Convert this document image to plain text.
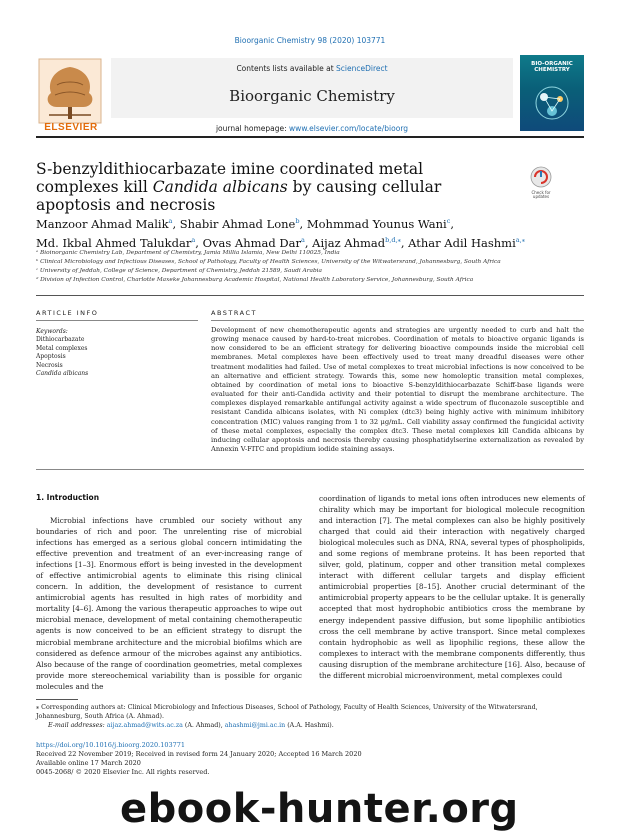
Bioorganic Chemistry 98 (2020) 103771
ELSEVIER
Contents lists available at ScienceDirect
Bioorganic Chemistry
journal homepage: www.elsevier.com/locate/bioorg
BIO-ORGANIC CHEMISTRY
S-benzyldithiocarbazate imine coordinated metal complexes kill Candida albicans by causing cellular apoptosis and necrosis
Check for
updates
Manzoor Ahmad Malik$^a$, Shabir Ahmad Lone$^b$, Mohmmad Younus Wani$^c$,
Md. Ikbal Ahmed Talukdar$^a$, Ovas Ahmad Dar$^a$, Aijaz Ahmad$^{b,d,⁎}$, Athar Adil Hashmi$^{a,⁎}$
ᵃ Bioinorganic Chemistry Lab, Department of Chemistry, Jamia Millia Islamia, New Delhi 110025, India
ᵇ Clinical Microbiology and Infectious Diseases, School of Pathology, Faculty of Health Sciences, University of the Witwatersrand, Johannesburg, South Africa
ᶜ University of Jeddah, College of Science, Department of Chemistry, Jeddah 21589, Saudi Arabia
ᵈ Division of Infection Control, Charlotte Maxeke Johannesburg Academic Hospital, National Health Laboratory Service, Johannesburg, South Africa
ARTICLE INFO
Keywords:
Dithiocarbazate
Metal complexes
Apoptosis
Necrosis
Candida albicans
ABSTRACT
Development of new chemotherapeutic agents and strategies are urgently needed to curb and halt the growing menace caused by hard-to-treat microbes. Coordination of metals to bioactive organic ligands is now considered to be an efficient strategy for delivering bioactive compounds inside the microbial cell membranes. Metal complexes have been effectively used to treat many dreadful diseases were other treatment modalities had failed. Use of metal complexes to treat microbial infections is now conceived to be an alternative and efficient strategy. Towards this, some new homoleptic transition metal complexes, obtained by coordination of metal ions to bioactive S-benzyldithiocarbazate Schiff-base ligands were evaluated for their anti-Candida activity and their potential to disrupt the membrane architecture. The complexes displayed remarkable antifungal activity against a wide spectrum of fluconazole susceptible and resistant Candida albicans isolates, with Ni complex (dtc3) being highly active with minimum inhibitory concentration (MIC) values ranging from 1 to 32 μg/mL. Cell viability assay confirmed the fungicidal activity of these metal complexes, especially the complex dtc3. These metal complexes kill Candida albicans by inducing cellular apoptosis and necrosis thereby causing phosphatidylserine externalization as revealed by Annexin V-FITC and propidium iodide staining assays.
1. Introduction
Microbial infections have crumbled our society without any boundaries of rich and poor. The unrelenting rise of microbial infections has emerged as a serious global concern intimidating the effective prevention and treatment of an ever-increasing range of infections [1–3]. Enormous effort is being invested in the development of effective antimicrobial agents to eliminate this rising clinical concern. In addition, the development of resistance to current antimicrobial agents has resulted in high rates of morbidity and mortality [4–6]. Among the various therapeutic approaches to wipe out microbial menace, development of metal containing chemotherapeutic agents is now conceived to be an efficient strategy to disrupt the microbial membrane architecture and the microbial biofilms which are considered as defence armour of the microbes against any antibiotics. Also because of the range of coordination geometries, metal complexes provide more stereochemical variability than is possible for organic molecules and the
coordination of ligands to metal ions often introduces new elements of chirality which may be important for biological molecule recognition and interaction [7]. The metal complexes can also be highly positively charged that could aid their interaction with negatively charged biological molecules such as DNA, RNA, several types of phospholipids, and some regions of membrane proteins. It has been reported that silver, gold, platinum, copper and other transition metal complexes interact with different cellular targets and display efficient antimicrobial properties [8–15]. Another crucial determinant of the antimicrobial property appears to be the cellular uptake. It is generally accepted that most hydrophobic antibiotics cross the membrane by energy independent passive diffusion, but some lipophilic antibiotics cross the cell membrane by active transport. Since metal complexes contain hydrophobic as well as lipophilic regions, these allow the complexes to interact with the membrane components differently, thus causing disruption of the membrane architecture [16]. Also, because of the different microbial microenvironment, metal complexes could
⁎ Corresponding authors at: Clinical Microbiology and Infectious Diseases, School of Pathology, Faculty of Health Sciences, University of the Witwatersrand, Johannesburg, South Africa (A. Ahmad).
E-mail addresses: aijaz.ahmad@wits.ac.za (A. Ahmad), ahashmi@jmi.ac.in (A.A. Hashmi).
https://doi.org/10.1016/j.bioorg.2020.103771
Received 22 November 2019; Received in revised form 24 January 2020; Accepted 16 March 2020
Available online 17 March 2020
0045-2068/ © 2020 Elsevier Inc. All rights reserved.
ebook-hunter.org
